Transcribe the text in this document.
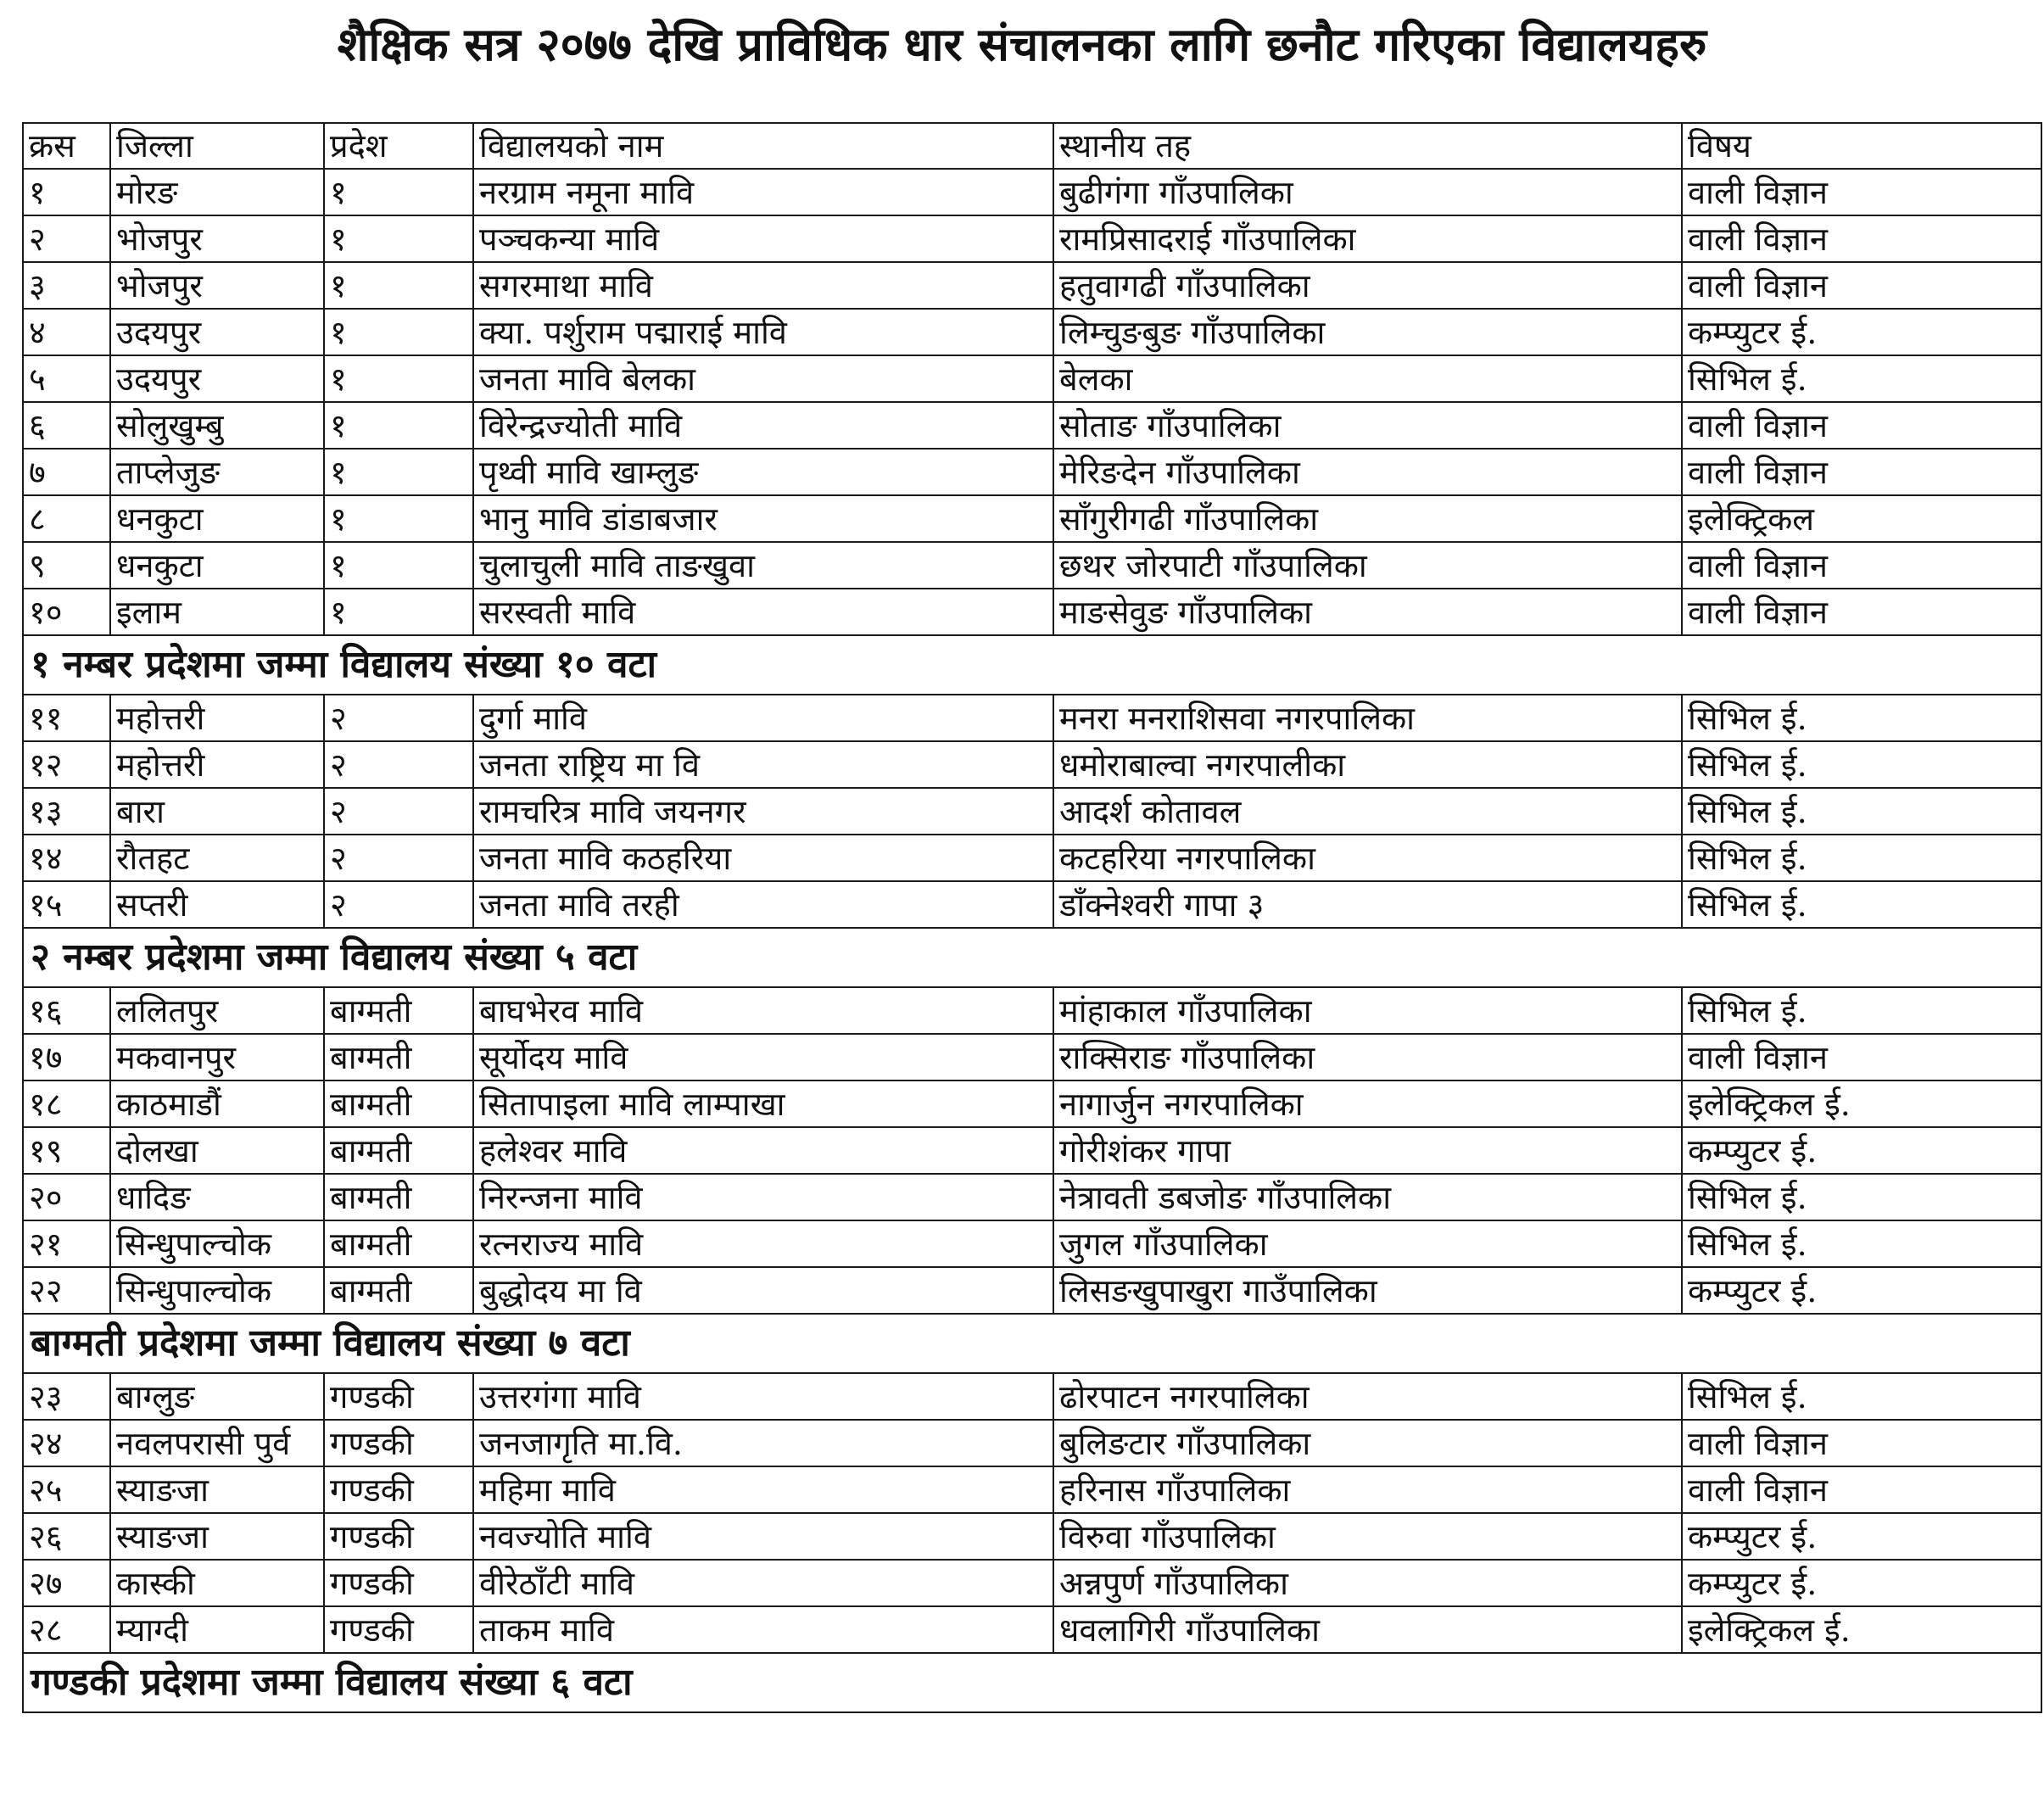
शैक्षिक सत्र २०७७ देखि प्राविधिक धार संचालनका लागि छनौट गरिएका विद्यालयहरु
क्रस	जिल्ला	प्रदेश	विद्यालयको नाम	स्थानीय तह	विषय
१	मोरङ	१	नरग्राम नमूना मावि	बुढीगंगा गाँउपालिका	वाली विज्ञान
२	भोजपुर	१	पञ्चकन्या मावि	रामप्रिसादराई गाँउपालिका	वाली विज्ञान
३	भोजपुर	१	सगरमाथा मावि	हतुवागढी गाँउपालिका	वाली विज्ञान
४	उदयपुर	१	क्या. पर्शुराम पद्माराई मावि	लिम्चुङबुङ गाँउपालिका	कम्प्युटर ई.
५	उदयपुर	१	जनता मावि बेलका	बेलका	सिभिल ई.
६	सोलुखुम्बु	१	विरेन्द्रज्योती मावि	सोताङ गाँउपालिका	वाली विज्ञान
७	ताप्लेजुङ	१	पृथ्वी मावि खाम्लुङ	मेरिङदेन गाँउपालिका	वाली विज्ञान
८	धनकुटा	१	भानु मावि डांडाबजार	साँगुरीगढी गाँउपालिका	इलेक्ट्रिकल
९	धनकुटा	१	चुलाचुली मावि ताङखुवा	छथर जोरपाटी गाँउपालिका	वाली विज्ञान
१०	इलाम	१	सरस्वती मावि	माङसेवुङ गाँउपालिका	वाली विज्ञान
१ नम्बर प्रदेशमा जम्मा विद्यालय संख्या १० वटा					
११	महोत्तरी	२	दुर्गा मावि	मनरा मनराशिसवा नगरपालिका	सिभिल ई.
१२	महोत्तरी	२	जनता राष्ट्रिय मा वि	धमोराबाल्वा नगरपालीका	सिभिल ई.
१३	बारा	२	रामचरित्र मावि जयनगर	आदर्श कोतावल	सिभिल ई.
१४	रौतहट	२	जनता मावि कठहरिया	कटहरिया नगरपालिका	सिभिल ई.
१५	सप्तरी	२	जनता मावि तरही	डाँक्नेश्वरी गापा ३	सिभिल ई.
२ नम्बर प्रदेशमा जम्मा विद्यालय संख्या ५ वटा					
१६	ललितपुर	बाग्मती	बाघभेरव मावि	मांहाकाल गाँउपालिका	सिभिल ई.
१७	मकवानपुर	बाग्मती	सूर्योदय मावि	राक्सिराङ गाँउपालिका	वाली विज्ञान
१८	काठमाडौं	बाग्मती	सितापाइला मावि लाम्पाखा	नागार्जुन नगरपालिका	इलेक्ट्रिकल ई.
१९	दोलखा	बाग्मती	हलेश्वर मावि	गोरीशंकर गापा	कम्प्युटर ई.
२०	धादिङ	बाग्मती	निरन्जना मावि	नेत्रावती डबजोङ गाँउपालिका	सिभिल ई.
२१	सिन्धुपाल्चोक	बाग्मती	रत्नराज्य मावि	जुगल गाँउपालिका	सिभिल ई.
२२	सिन्धुपाल्चोक	बाग्मती	बुद्धोदय मा वि	लिसङखुपाखुरा गाउँपालिका	कम्प्युटर ई.
बाग्मती प्रदेशमा जम्मा विद्यालय संख्या ७ वटा					
२३	बाग्लुङ	गण्डकी	उत्तरगंगा मावि	ढोरपाटन नगरपालिका	सिभिल ई.
२४	नवलपरासी पुर्व	गण्डकी	जनजागृति मा.वि.	बुलिङटार गाँउपालिका	वाली विज्ञान
२५	स्याङजा	गण्डकी	महिमा मावि	हरिनास गाँउपालिका	वाली विज्ञान
२६	स्याङजा	गण्डकी	नवज्योति मावि	विरुवा गाँउपालिका	कम्प्युटर ई.
२७	कास्की	गण्डकी	वीरेठाँटी मावि	अन्नपुर्ण गाँउपालिका	कम्प्युटर ई.
२८	म्याग्दी	गण्डकी	ताकम मावि	धवलागिरी गाँउपालिका	इलेक्ट्रिकल ई.
गण्डकी प्रदेशमा जम्मा विद्यालय संख्या ६ वटा					
